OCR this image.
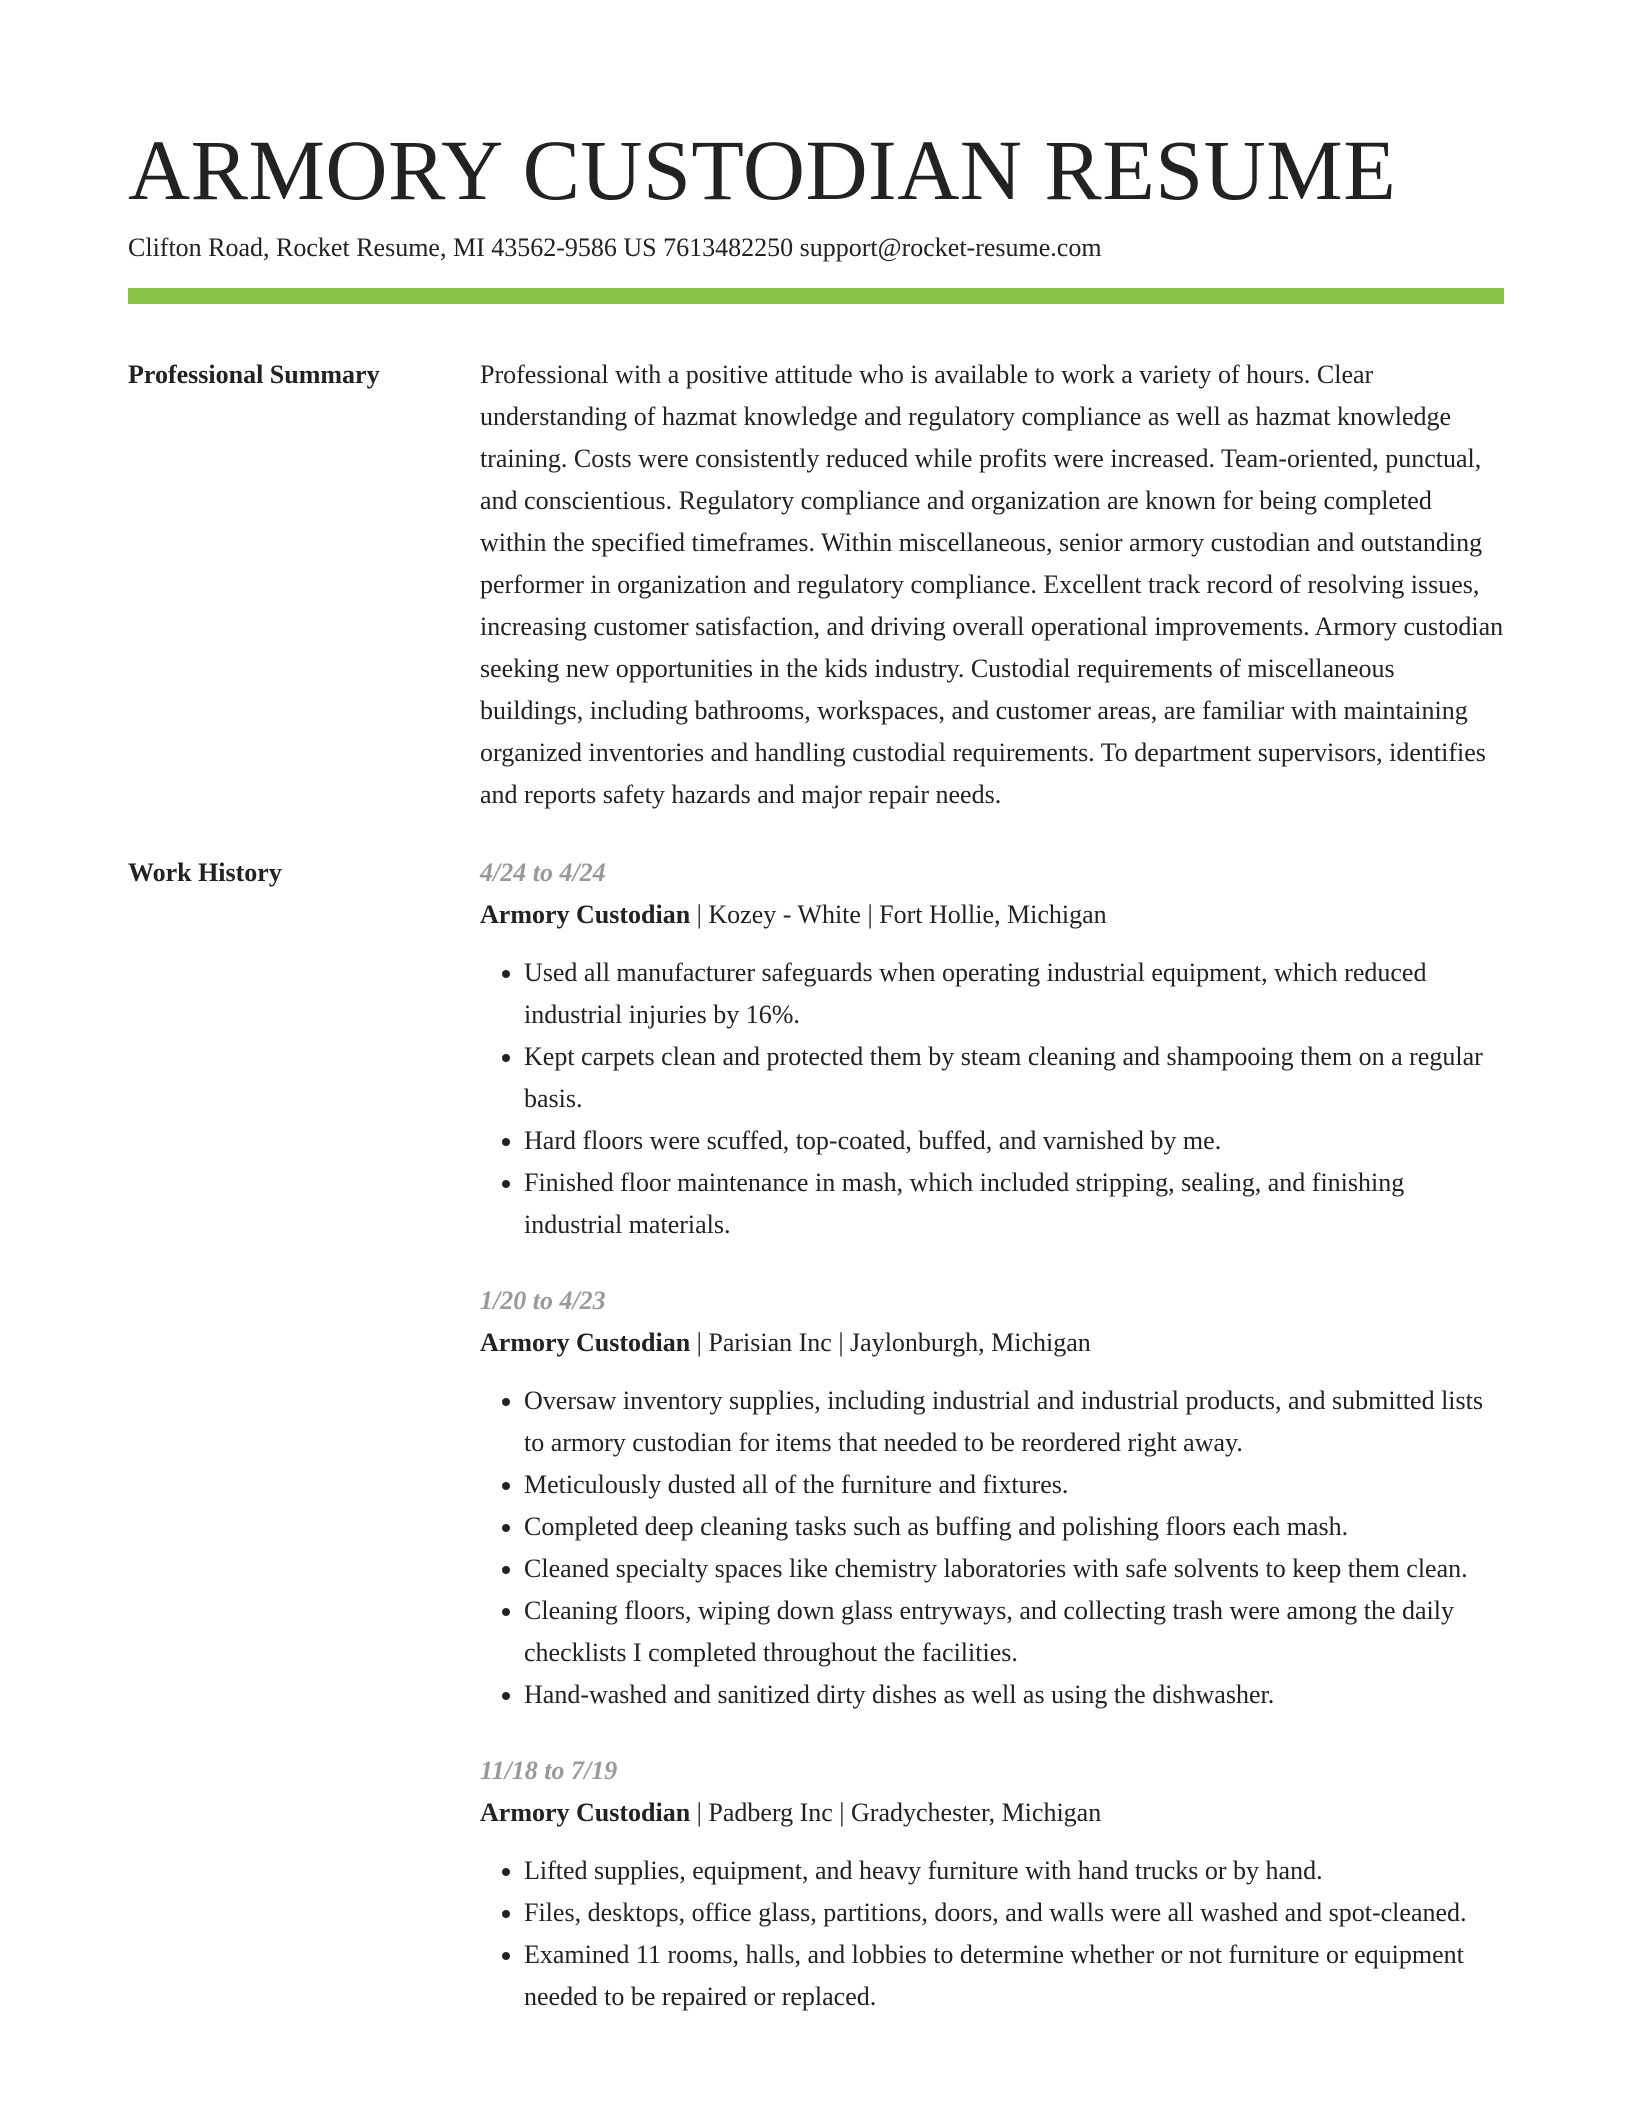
ARMORY CUSTODIAN RESUME
Clifton Road, Rocket Resume, MI 43562-9586 US 7613482250 support@rocket-resume.com
Professional Summary	Professional with a positive attitude who is available to work a variety of hours. Clear understanding of hazmat knowledge and regulatory compliance as well as hazmat knowledge training. Costs were consistently reduced while profits were increased. Team-oriented, punctual, and conscientious. Regulatory compliance and organization are known for being completed within the specified timeframes. Within miscellaneous, senior armory custodian and outstanding performer in organization and regulatory compliance. Excellent track record of resolving issues, increasing customer satisfaction, and driving overall operational improvements. Armory custodian seeking new opportunities in the kids industry. Custodial requirements of miscellaneous buildings, including bathrooms, workspaces, and customer areas, are familiar with maintaining organized inventories and handling custodial requirements. To department supervisors, identifies and reports safety hazards and major repair needs.

Work History	4/24 to 4/24
Armory Custodian | Kozey - White | Fort Hollie, Michigan
• Used all manufacturer safeguards when operating industrial equipment, which reduced industrial injuries by 16%.
• Kept carpets clean and protected them by steam cleaning and shampooing them on a regular basis.
• Hard floors were scuffed, top-coated, buffed, and varnished by me.
• Finished floor maintenance in mash, which included stripping, sealing, and finishing industrial materials.
1/20 to 4/23
Armory Custodian | Parisian Inc | Jaylonburgh, Michigan
• Oversaw inventory supplies, including industrial and industrial products, and submitted lists to armory custodian for items that needed to be reordered right away.
• Meticulously dusted all of the furniture and fixtures.
• Completed deep cleaning tasks such as buffing and polishing floors each mash.
• Cleaned specialty spaces like chemistry laboratories with safe solvents to keep them clean.
• Cleaning floors, wiping down glass entryways, and collecting trash were among the daily checklists I completed throughout the facilities.
• Hand-washed and sanitized dirty dishes as well as using the dishwasher.
11/18 to 7/19
Armory Custodian | Padberg Inc | Gradychester, Michigan
• Lifted supplies, equipment, and heavy furniture with hand trucks or by hand.
• Files, desktops, office glass, partitions, doors, and walls were all washed and spot-cleaned.
• Examined 11 rooms, halls, and lobbies to determine whether or not furniture or equipment needed to be repaired or replaced.
